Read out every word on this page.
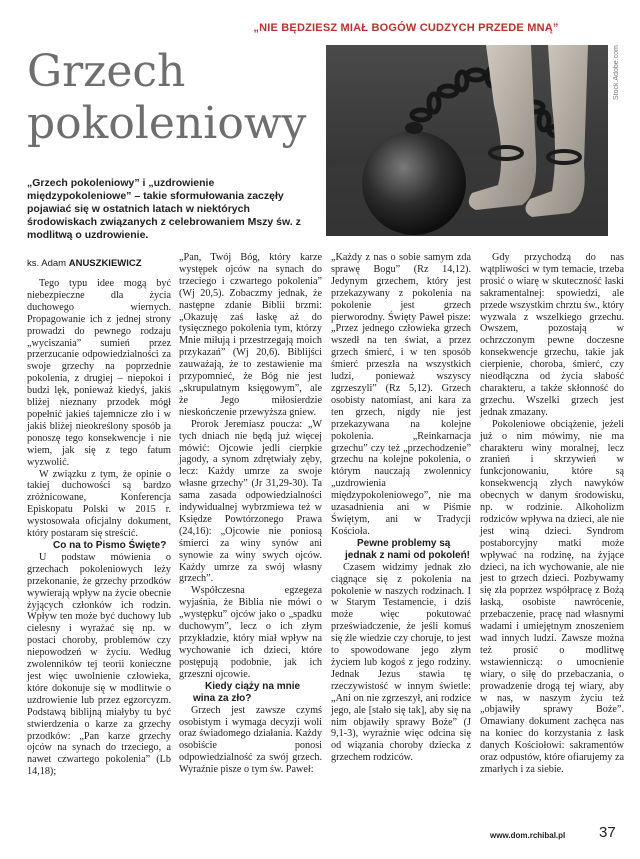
„NIE BĘDZIESZ MIAŁ BOGÓW CUDZYCH PRZEDE MNĄ”
Grzech
pokoleniowy
Stock.Adobe.com
„Grzech pokoleniowy” i „uzdrowienie międzypokoleniowe” – takie sformułowania zaczęły pojawiać się w ostatnich latach w niektórych środowiskach związanych z celebrowaniem Mszy św. z modlitwą o uzdrowienie.
ks. Adam ANUSZKIEWICZ

Tego typu idee mogą być niebezpieczne dla życia duchowego wiernych. Propagowanie ich z jednej strony prowadzi do pewnego rodzaju „wyciszania” sumień przez przerzucanie odpowiedzialności za swoje grzechy na poprzednie pokolenia, z drugiej – niepokoi i budzi lęk, ponieważ kiedyś, jakiś bliżej nieznany przodek mógł popełnić jakieś tajemnicze zło i w jakiś bliżej nieokreślony sposób ja ponoszę tego konsekwencje i nie wiem, jak się z tego fatum wyzwolić.

W związku z tym, że opinie o takiej duchowości są bardzo zróżnicowane, Konferencja Episkopatu Polski w 2015 r. wystosowała oficjalny dokument, który postaram się streścić.

Co na to Pismo Święte?

U podstaw mówienia o grzechach pokoleniowych leży przekonanie, że grzechy przodków wywierają wpływ na życie obecnie żyjących członków ich rodzin. Wpływ ten może być duchowy lub cielesny i wyrażać się np. w postaci choroby, problemów czy niepowodzeń w życiu. Według zwolenników tej teorii konieczne jest więc uwolnienie człowieka, które dokonuje się w modlitwie o uzdrowienie lub przez egzorcyzm. Podstawą biblijną miałyby tu być stwierdzenia o karze za grzechy przodków: „Pan karze grzechy ojców na synach do trzeciego, a nawet czwartego pokolenia” (Lb 14,18);

„Pan, Twój Bóg, który karze występek ojców na synach do trzeciego i czwartego pokolenia” (Wj 20,5). Zobaczmy jednak, że następne zdanie Biblii brzmi: „Okazuję zaś łaskę aż do tysięcznego pokolenia tym, którzy Mnie miłują i przestrzegają moich przykazań” (Wj 20,6). Biblijści zauważają, że to zestawienie ma przypomnieć, że Bóg nie jest „skrupulatnym księgowym”, ale że Jego miłosierdzie nieskończenie przewyższa gniew.

Prorok Jeremiasz poucza: „W tych dniach nie będą już więcej mówić: Ojcowie jedli cierpkie jagody, a synom zdrętwiały zęby, lecz: Każdy umrze za swoje własne grzechy” (Jr 31,29-30). Ta sama zasada odpowiedzialności indywidualnej wybrzmiewa też w Księdze Powtórzonego Prawa (24,16): „Ojcowie nie poniosą śmierci za winy synów ani synowie za winy swych ojców. Każdy umrze za swój własny grzech”.

Współczesna egzegeza wyjaśnia, że Biblia nie mówi o „występku” ojców jako o „spadku duchowym”, lecz o ich złym przykładzie, który miał wpływ na wychowanie ich dzieci, które postępują podobnie, jak ich grzeszni ojcowie.

Kiedy ciąży na mnie wina za zło?

Grzech jest zawsze czymś osobistym i wymaga decyzji woli oraz świadomego działania. Każdy osobiście ponosi odpowiedzialność za swój grzech. Wyraźnie pisze o tym św. Paweł:

„Każdy z nas o sobie samym zda sprawę Bogu” (Rz 14,12). Jedynym grzechem, który jest przekazywany z pokolenia na pokolenie jest grzech pierworodny. Święty Paweł pisze: „Przez jednego człowieka grzech wszedł na ten świat, a przez grzech śmierć, i w ten sposób śmierć przeszła na wszystkich ludzi, ponieważ wszyscy zgrzeszyli” (Rz 5,12). Grzech osobisty natomiast, ani kara za ten grzech, nigdy nie jest przekazywana na kolejne pokolenia. „Reinkarnacja grzechu” czy też „przechodzenie” grzechu na kolejne pokolenia, o którym nauczają zwolennicy „uzdrowienia międzypokoleniowego”, nie ma uzasadnienia ani w Piśmie Świętym, ani w Tradycji Kościoła.

Pewne problemy są jednak z nami od pokoleń!

Czasem widzimy jednak zło ciągnące się z pokolenia na pokolenie w naszych rodzinach. I w Starym Testamencie, i dziś może więc pokutować przeświadczenie, że jeśli komuś się źle wiedzie czy choruje, to jest to spowodowane jego złym życiem lub kogoś z jego rodziny. Jednak Jezus stawia tę rzeczywistość w innym świetle: „Ani on nie zgrzeszył, ani rodzice jego, ale [stało się tak], aby się na nim objawiły sprawy Boże” (J 9,1-3), wyraźnie więc odcina się od wiązania choroby dziecka z grzechem rodziców.

Gdy przychodzą do nas wątpliwości w tym temacie, trzeba prosić o wiarę w skuteczność łaski sakramentalnej: spowiedzi, ale przede wszystkim chrztu św., który wyzwala z wszelkiego grzechu. Owszem, pozostają w ochrzczonym pewne doczesne konsekwencje grzechu, takie jak cierpienie, choroba, śmierć, czy nieodłączna od życia słabość charakteru, a także skłonność do grzechu. Wszelki grzech jest jednak zmazany.

Pokoleniowe obciążenie, jeżeli już o nim mówimy, nie ma charakteru winy moralnej, lecz zranień i skrzywień w funkcjonowaniu, które są konsekwencją złych nawyków obecnych w danym środowisku, np. w rodzinie. Alkoholizm rodziców wpływa na dzieci, ale nie jest winą dzieci. Syndrom postaborcyjny matki może wpływać na rodzinę, na żyjące dzieci, na ich wychowanie, ale nie jest to grzech dzieci. Pozbywamy się zła poprzez współpracę z Bożą łaską, osobiste nawrócenie, przebaczenie, pracę nad własnymi wadami i umiejętnym znoszeniem wad innych ludzi. Zawsze można też prosić o modlitwę wstawienniczą: o umocnienie wiary, o siłę do przebaczania, o prowadzenie drogą tej wiary, aby w nas, w naszym życiu też „objawiły sprawy Boże”. Omawiany dokument zachęca nas na koniec do korzystania z łask danych Kościołowi: sakramentów oraz odpustów, które ofiarujemy za zmarłych i za siebie.

www.dom.rchibal.pl 37
